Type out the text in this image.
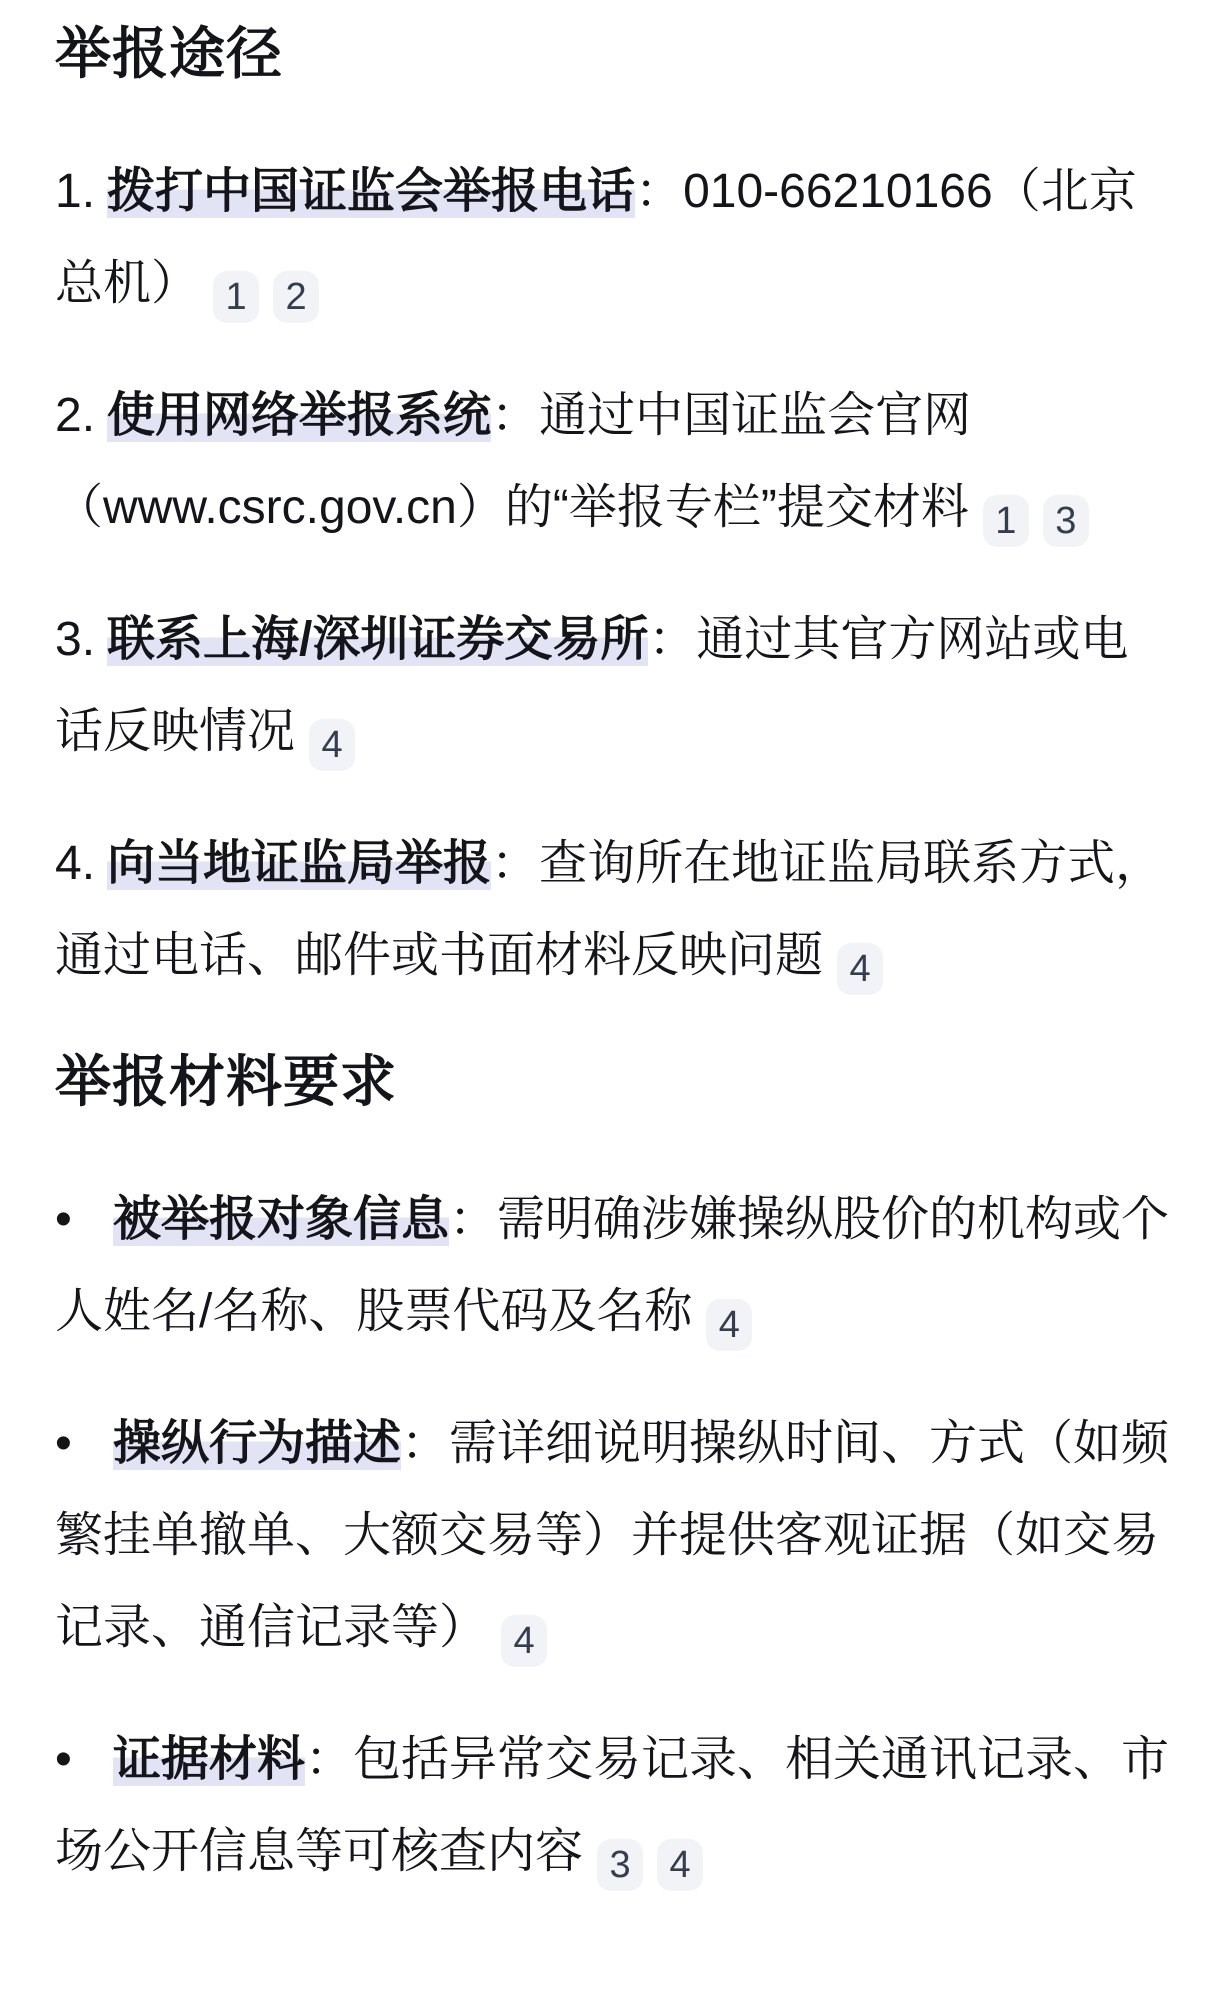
举报途径

1. 拨打中国证监会举报电话：010-66210166（北京总机） 1 2

2. 使用网络举报系统：通过中国证监会官网（www.csrc.gov.cn）的“举报专栏”提交材料 1 3

3. 联系上海/深圳证券交易所：通过其官方网站或电话反映情况 4

4. 向当地证监局举报：查询所在地证监局联系方式，通过电话、邮件或书面材料反映问题 4

举报材料要求

• 被举报对象信息：需明确涉嫌操纵股价的机构或个人姓名/名称、股票代码及名称 4

• 操纵行为描述：需详细说明操纵时间、方式（如频繁挂单撤单、大额交易等）并提供客观证据（如交易记录、通信记录等） 4

• 证据材料：包括异常交易记录、相关通讯记录、市场公开信息等可核查内容 3 4
